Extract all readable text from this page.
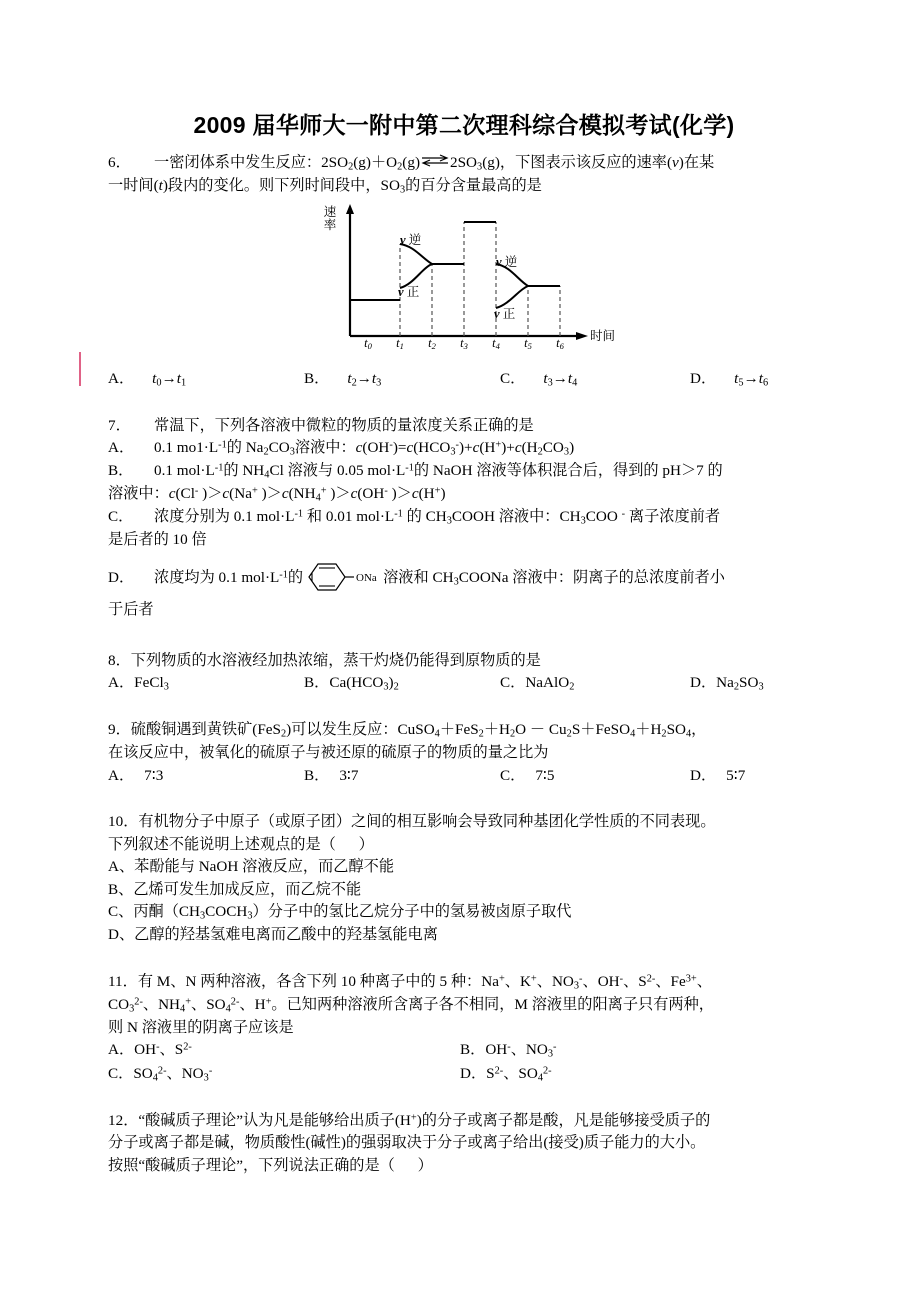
2009 届华师大一附中第二次理科综合模拟考试(化学)

6． 一密闭体系中发生反应：$2SO_2(g)+O_2(g)\rightleftharpoons 2SO_3(g)$，下图表示该反应的速率(v)在某

一时间(t)段内的变化。则下列时间段中，$SO_3$的百分含量最高的是

速率
v 逆
v 正
v 逆
v 正
$t_0$ $t_1$ $t_2$ $t_3$ $t_4$ $t_5$ $t_6$
时间
A． $t_0\to t_1$	B． $t_2\to t_3$	C． $t_3\to t_4$	D． $t_5\to t_6$

7． 常温下，下列各溶液中微粒的物质的量浓度关系正确的是

A． 0.1 $mo1\cdot L^{-1}$的 $Na_2CO_3$溶液中：$c(OH^-)=c(HCO_3^-)+c(H^+)+c(H_2CO_3)$

B． 0.1 $mol\cdot L^{-1}$的 $NH_4Cl$ 溶液与 0.05 $mol\cdot L^{-1}$的 NaOH 溶液等体积混合后，得到的 pH＞7 的

溶液中：c(Cl- )＞c(Na+ )$>c(NH_4^+$ )＞c(OH- )＞c(H+)

C． 浓度分别为 0.1 $mol\cdot L^{-1}$ 和 0.01 $mol\cdot L^{-1}$ 的 $CH_3COOH$ 溶液中：$CH_3COO$ - 离子浓度前者

是后者的 10 倍

D． 浓度均为 0.1 $mol\cdot L^{-1}$的	ONa 溶液和 $CH_3COONa$ 溶液中：阴离子的总浓度前者小

于后者

8．下列物质的水溶液经加热浓缩，蒸干灼烧仍能得到原物质的是

A．FeCl$_3$	B．$Ca(HCO_3)_2$	C．NaAlO$_2$	D．$Na_2SO_3$

9．硫酸铜遇到黄铁矿(FeS$_2$)可以发生反应：$CuSO_4+FeS_2+H_2O$ － $Cu_2S+FeSO_4+H_2SO_4$，

在该反应中，被氧化的硫原子与被还原的硫原子的物质的量之比为

A． 7∶3	B． 3∶7	C． 7∶5	D． 5∶7

10．有机物分子中原子（或原子团）之间的相互影响会导致同种基团化学性质的不同表现。

下列叙述不能说明上述观点的是（      ）

A、苯酚能与 NaOH 溶液反应，而乙醇不能

B、乙烯可发生加成反应，而乙烷不能

C、丙酮$(CH_3COCH_3)$分子中的氢比乙烷分子中的氢易被卤原子取代

D、乙醇的羟基氢难电离而乙酸中的羟基氢能电离

11．有 M、N 两种溶液，各含下列 10 种离子中的 5 种：Na+、K+、$NO_3^-$、OH-、$S^{2-}$、$Fe^{3+}$、

$CO_3^{2-}$、$NH_4^+$、$SO_4^{2-}$、H+。已知两种溶液所含离子各不相同，M 溶液里的阳离子只有两种，

则 N 溶液里的阴离子应该是

A．OH-、$S^{2-}$	B．OH-、$NO_3^-$
C．$SO_4^{2-}$、$NO_3^-$	D．$S^{2-}$、$SO_4^{2-}$

12．“酸碱质子理论”认为凡是能够给出质子(H+)的分子或离子都是酸，凡是能够接受质子的

分子或离子都是碱，物质酸性(碱性)的强弱取决于分子或离子给出(接受)质子能力的大小。

按照“酸碱质子理论”，下列说法正确的是（      ）
